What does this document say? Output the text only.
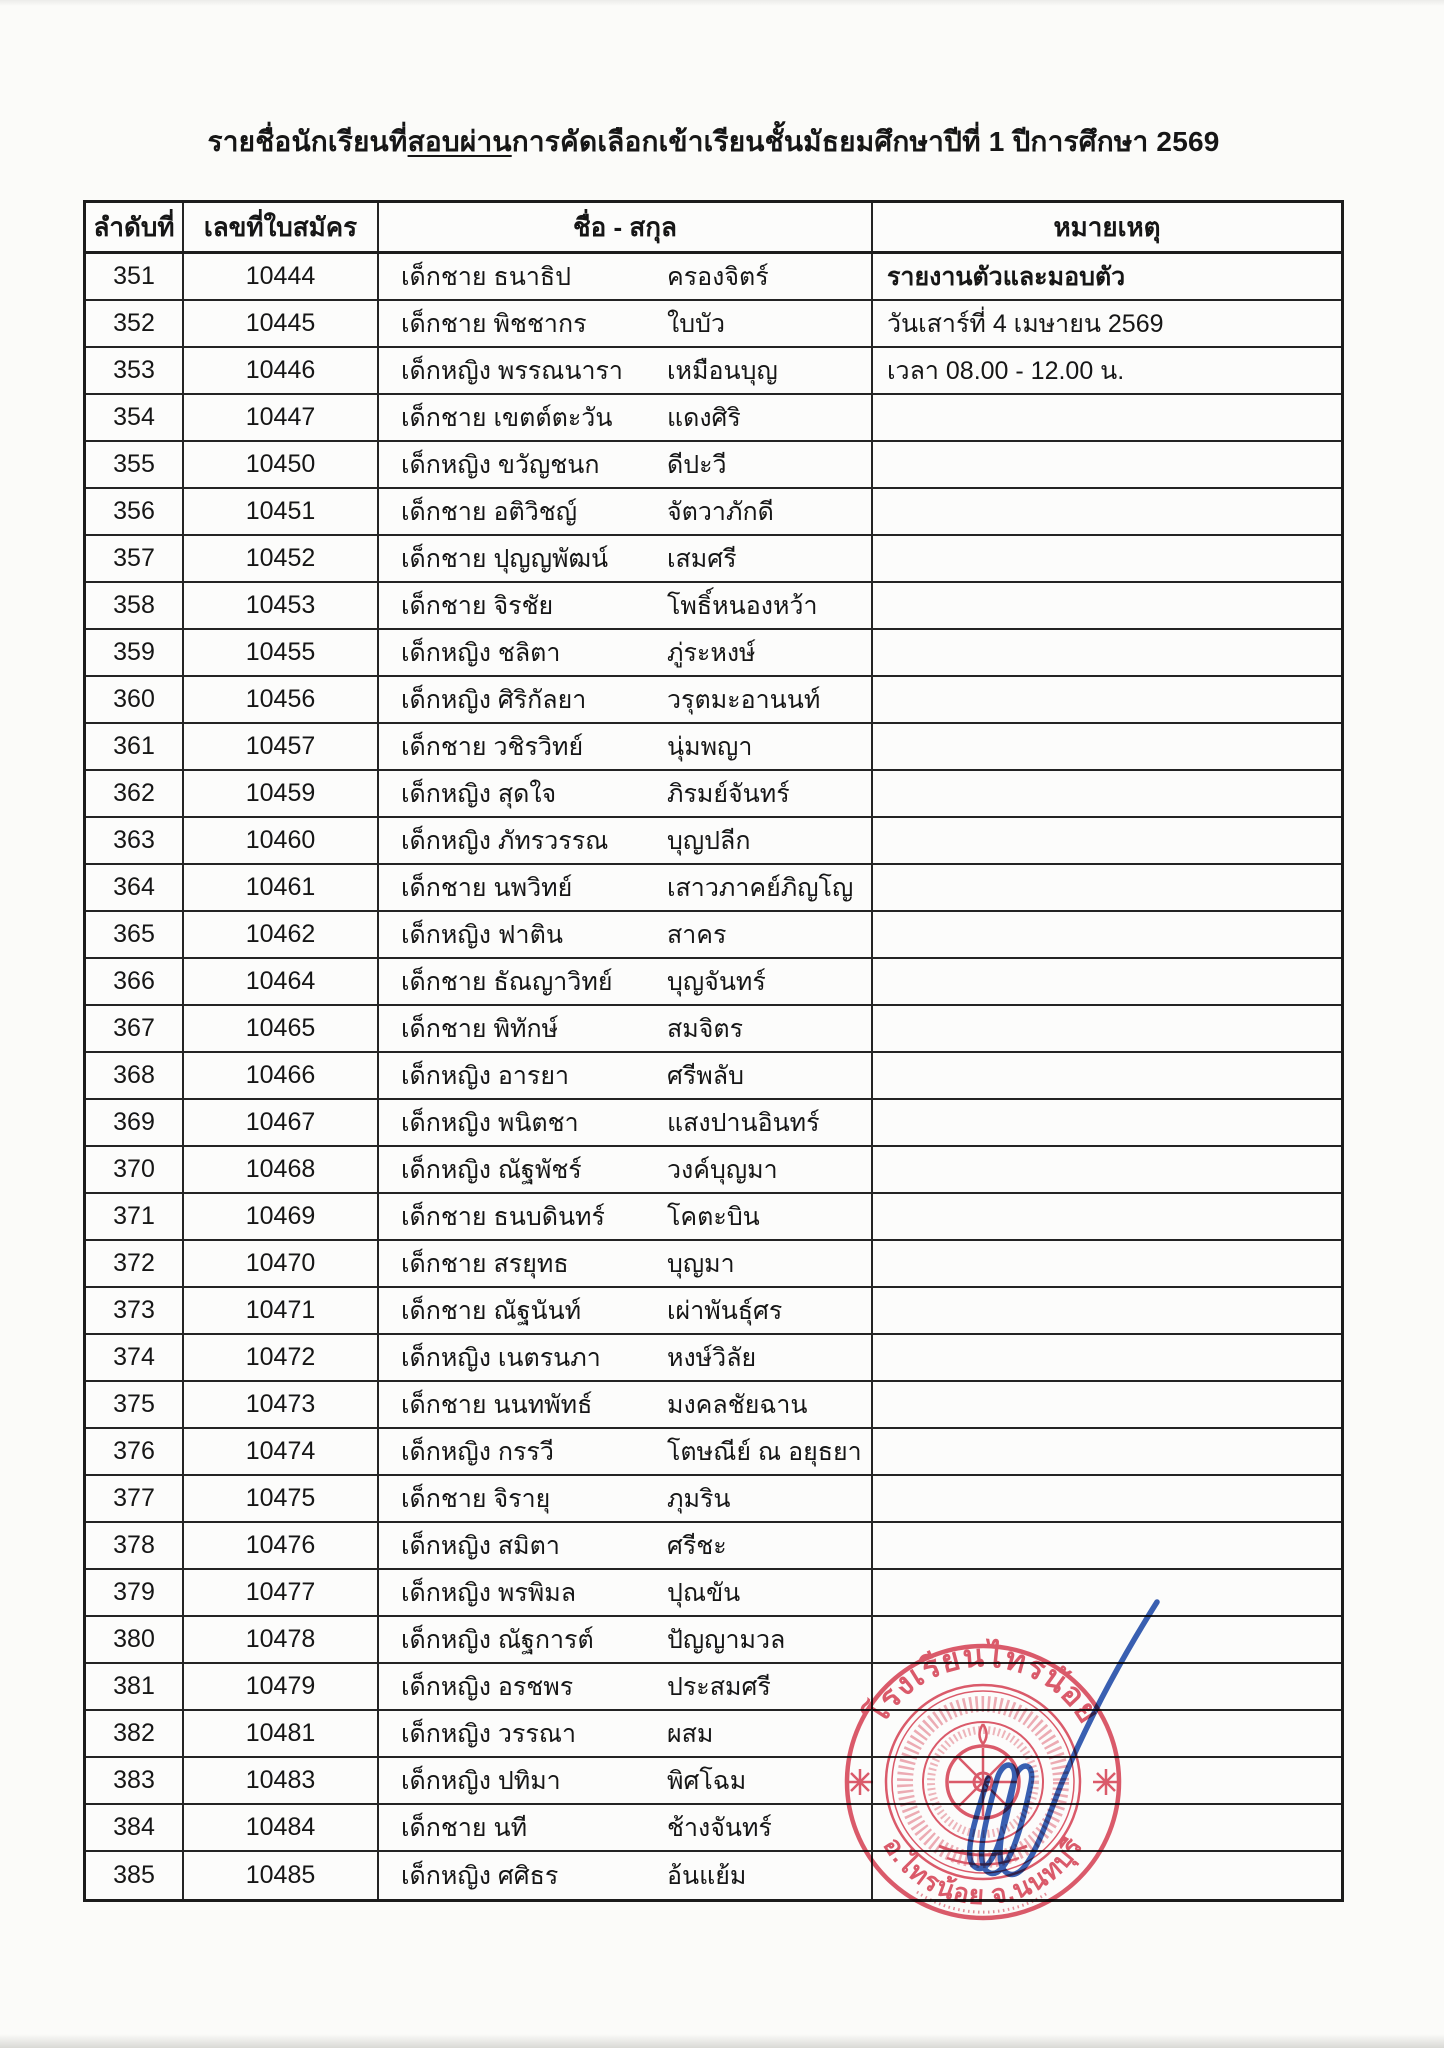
รายชื่อนักเรียนที่สอบผ่านการคัดเลือกเข้าเรียนชั้นมัธยมศึกษาปีที่ 1 ปีการศึกษา 2569
ลำดับที่	เลขที่ใบสมัคร	ชื่อ - สกุล	หมายเหตุ
351	10444	เด็กชาย ธนาธิป	ครองจิตร์	รายงานตัวและมอบตัว
352	10445	เด็กชาย พิชชากร	ใบบัว	วันเสาร์ที่ 4 เมษายน 2569
353	10446	เด็กหญิง พรรณนารา เหมือนบุญ	เวลา 08.00 - 12.00 น.
354	10447	เด็กชาย เขตต์ตะวัน แดงศิริ
355	10450	เด็กหญิง ขวัญชนก	ดีปะวี
356	10451	เด็กชาย อติวิชญ์	จัตวาภักดี
357	10452	เด็กชาย ปุญญพัฒน์ เสมศรี
358	10453	เด็กชาย จิรชัย	โพธิ์หนองหว้า
359	10455	เด็กหญิง ชลิตา	ภู่ระหงษ์
360	10456	เด็กหญิง ศิริกัลยา	วรุตมะอานนท์
361	10457	เด็กชาย วชิรวิทย์	นุ่มพญา
362	10459	เด็กหญิง สุดใจ	ภิรมย์จันทร์
363	10460	เด็กหญิง ภัทรวรรณ บุญปลีก
364	10461	เด็กชาย นพวิทย์	เสาวภาคย์ภิญโญ
365	10462	เด็กหญิง ฟาติน	สาคร
366	10464	เด็กชาย ธัณญาวิทย์ บุญจันทร์
367	10465	เด็กชาย พิทักษ์	สมจิตร
368	10466	เด็กหญิง อารยา	ศรีพลับ
369	10467	เด็กหญิง พนิตชา	แสงปานอินทร์
370	10468	เด็กหญิง ณัฐพัชร์	วงค์บุญมา
371	10469	เด็กชาย ธนบดินทร์ โคตะบิน
372	10470	เด็กชาย สรยุทธ	บุญมา
373	10471	เด็กชาย ณัฐนันท์	เผ่าพันธุ์ศร
374	10472	เด็กหญิง เนตรนภา	หงษ์วิลัย
375	10473	เด็กชาย นนทพัทธ์	มงคลชัยฉาน
376	10474	เด็กหญิง กรรวี	โตษณีย์ ณ อยุธยา
377	10475	เด็กชาย จิรายุ	ภุมริน
378	10476	เด็กหญิง สมิตา	ศรีชะ
379	10477	เด็กหญิง พรพิมล	ปุณขัน
380	10478	เด็กหญิง ณัฐการต์	ปัญญามวล
381	10479	เด็กหญิง อรชพร	ประสมศรี
382	10481	เด็กหญิง วรรณา	ผสม
383	10483	เด็กหญิง ปทิมา	พิศโฉม
384	10484	เด็กชาย นที	ช้างจันทร์
385	10485	เด็กหญิง ศศิธร	อ้นแย้ม
โรงเรียนไทรน้อย
อ.ไทรน้อย จ.นนทบุรี
